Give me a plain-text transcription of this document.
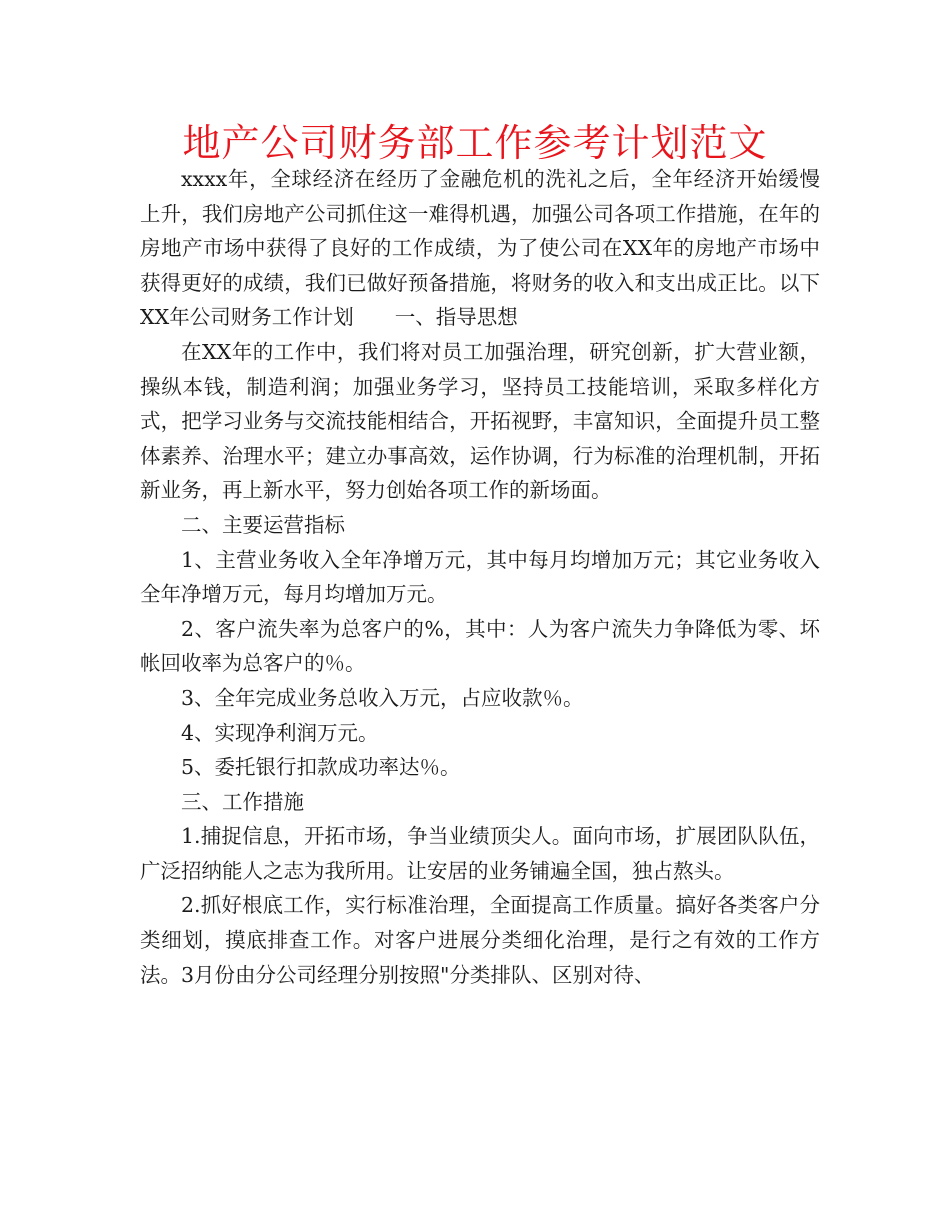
地产公司财务部工作参考计划范文

xxxx年，全球经济在经历了金融危机的洗礼之后，全年经济开始缓慢上升，我们房地产公司抓住这一难得机遇，加强公司各项工作措施，在年的房地产市场中获得了良好的工作成绩，为了使公司在XX年的房地产市场中获得更好的成绩，我们已做好预备措施，将财务的收入和支出成正比。以下XX年公司财务工作计划　　一、指导思想

在XX年的工作中，我们将对员工加强治理，研究创新，扩大营业额，操纵本钱，制造利润；加强业务学习，坚持员工技能培训，采取多样化方式，把学习业务与交流技能相结合，开拓视野，丰富知识，全面提升员工整体素养、治理水平；建立办事高效，运作协调，行为标准的治理机制，开拓新业务，再上新水平，努力创始各项工作的新场面。

二、主要运营指标

1、主营业务收入全年净增万元，其中每月均增加万元；其它业务收入全年净增万元，每月均增加万元。

2、客户流失率为总客户的%，其中：人为客户流失力争降低为零、坏帐回收率为总客户的％。

3、全年完成业务总收入万元，占应收款％。

4、实现净利润万元。

5、委托银行扣款成功率达％。

三、工作措施

1.捕捉信息，开拓市场，争当业绩顶尖人。面向市场，扩展团队队伍，广泛招纳能人之志为我所用。让安居的业务铺遍全国，独占熬头。

2.抓好根底工作，实行标准治理，全面提高工作质量。搞好各类客户分类细划，摸底排查工作。对客户进展分类细化治理，是行之有效的工作方法。3月份由分公司经理分别按照"分类排队、区别对待、
